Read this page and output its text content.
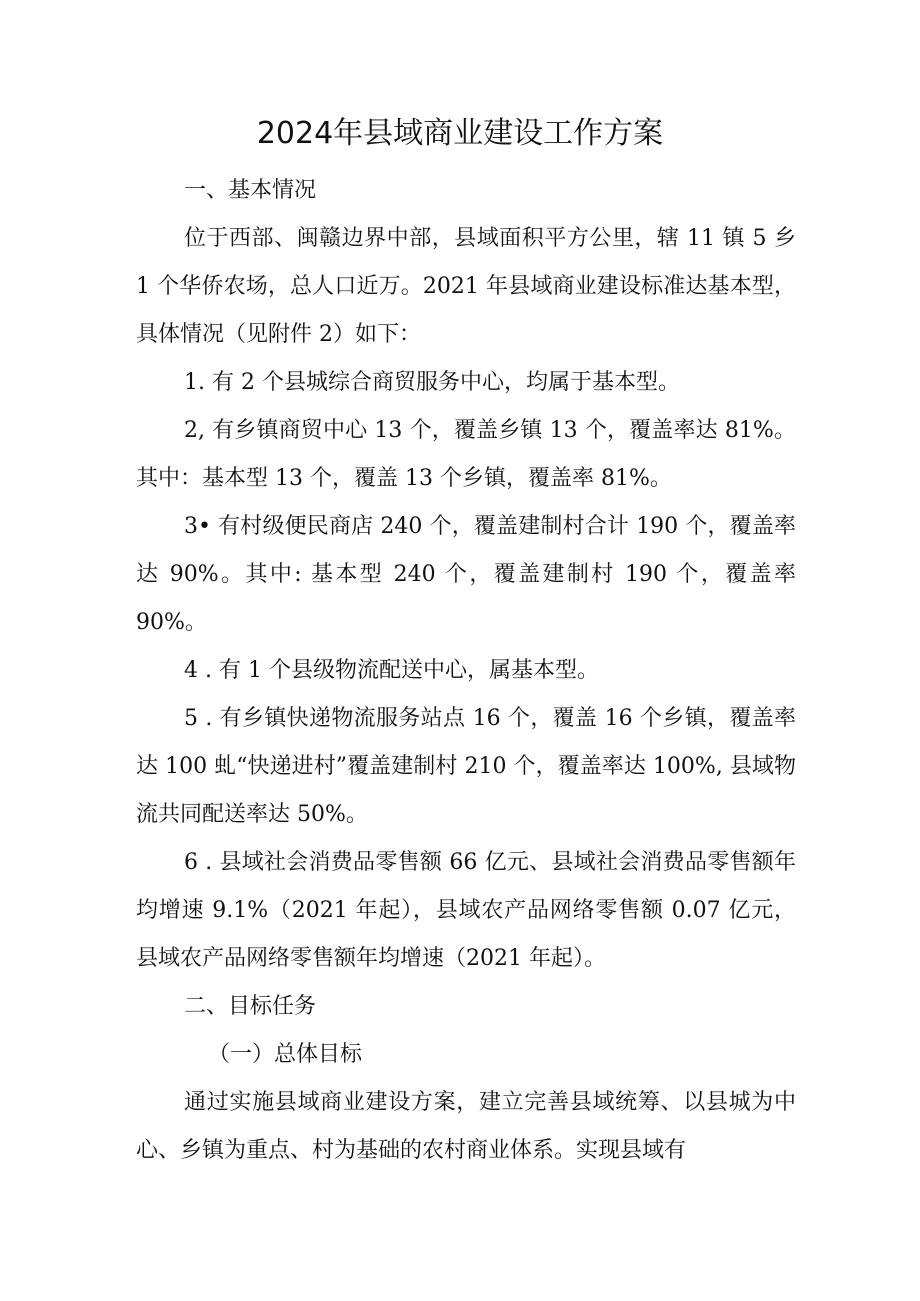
2024年县域商业建设工作方案

一、基本情况

位于西部、闽赣边界中部，县域面积平方公里，辖 11 镇 5 乡 1 个华侨农场，总人口近万。2021 年县域商业建设标准达基本型，具体情况（见附件 2）如下：

1. 有 2 个县城综合商贸服务中心，均属于基本型。

2, 有乡镇商贸中心 13 个，覆盖乡镇 13 个，覆盖率达 81%。其中：基本型 13 个，覆盖 13 个乡镇，覆盖率 81%。

3• 有村级便民商店 240 个，覆盖建制村合计 190 个，覆盖率达 90%。其中: 基本型 240 个，覆盖建制村 190 个，覆盖率 90%。

4 . 有 1 个县级物流配送中心，属基本型。

5 . 有乡镇快递物流服务站点 16 个，覆盖 16 个乡镇，覆盖率达 100 虬“快递进村”覆盖建制村 210 个，覆盖率达 100%, 县域物流共同配送率达 50%。

6 . 县域社会消费品零售额 66 亿元、县域社会消费品零售额年均增速 9.1%（2021 年起），县域农产品网络零售额 0.07 亿元，县域农产品网络零售额年均增速（2021 年起）。

二、目标任务

（一）总体目标

通过实施县域商业建设方案，建立完善县域统筹、以县城为中心、乡镇为重点、村为基础的农村商业体系。实现县域有
